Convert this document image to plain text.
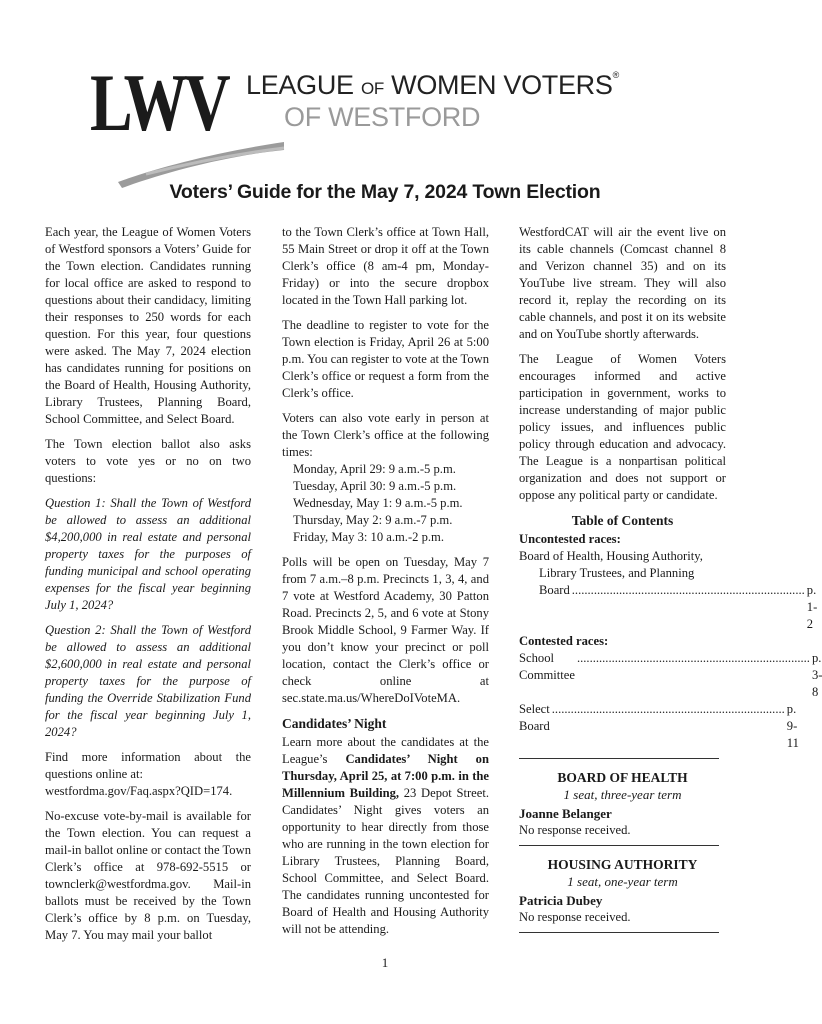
LWV LEAGUE OF WOMEN VOTERS®
OF WESTFORD
Voters’ Guide for the May 7, 2024 Town Election

Each year, the League of Women Voters of Westford sponsors a Voters’ Guide for the Town election. Candidates running for local office are asked to respond to questions about their candidacy, limiting their responses to 250 words for each question. For this year, four questions were asked. The May 7, 2024 election has candidates running for positions on the Board of Health, Housing Authority, Library Trustees, Planning Board, School Committee, and Select Board.

The Town election ballot also asks voters to vote yes or no on two questions:

Question 1: Shall the Town of Westford be allowed to assess an additional $4,200,000 in real estate and personal property taxes for the purposes of funding municipal and school operating expenses for the fiscal year beginning July 1, 2024?

Question 2: Shall the Town of Westford be allowed to assess an additional $2,600,000 in real estate and personal property taxes for the purpose of funding the Override Stabilization Fund for the fiscal year beginning July 1, 2024?

Find more information about the questions online at:

westfordma.gov/Faq.aspx?QID=174.

No-excuse vote-by-mail is available for the Town election. You can request a mail-in ballot online or contact the Town Clerk’s office at 978-692-5515 or townclerk@westfordma.gov. Mail-in ballots must be received by the Town Clerk’s office by 8 p.m. on Tuesday, May 7. You may mail your ballot

to the Town Clerk’s office at Town Hall, 55 Main Street or drop it off at the Town Clerk’s office (8 am-4 pm, Monday-Friday) or into the secure dropbox located in the Town Hall parking lot.

The deadline to register to vote for the Town election is Friday, April 26 at 5:00 p.m. You can register to vote at the Town Clerk’s office or request a form from the Clerk’s office.

Voters can also vote early in person at the Town Clerk’s office at the following times:

Monday, April 29: 9 a.m.-5 p.m.
Tuesday, April 30: 9 a.m.-5 p.m.
Wednesday, May 1: 9 a.m.-5 p.m.
Thursday, May 2: 9 a.m.-7 p.m.
Friday, May 3: 10 a.m.-2 p.m.

Polls will be open on Tuesday, May 7 from 7 a.m.–8 p.m. Precincts 1, 3, 4, and 7 vote at Westford Academy, 30 Patton Road. Precincts 2, 5, and 6 vote at Stony Brook Middle School, 9 Farmer Way. If you don’t know your precinct or poll location, contact the Clerk’s office or check online at sec.state.ma.us/WhereDoIVoteMA.

Candidates’ Night

Learn more about the candidates at the League’s Candidates’ Night on Thursday, April 25, at 7:00 p.m. in the Millennium Building, 23 Depot Street. Candidates’ Night gives voters an opportunity to hear directly from those who are running in the town election for Library Trustees, Planning Board, School Committee, and Select Board. The candidates running uncontested for Board of Health and Housing Authority will not be attending.

WestfordCAT will air the event live on its cable channels (Comcast channel 8 and Verizon channel 35) and on its YouTube live stream. They will also record it, replay the recording on its cable channels, and post it on its website and on YouTube shortly afterwards.

The League of Women Voters encourages informed and active participation in government, works to increase understanding of major public policy issues, and influences public policy through education and advocacy. The League is a nonpartisan political organization and does not support or oppose any political party or candidate.

Table of Contents
Uncontested races:
Board of Health, Housing Authority,
Library Trustees, and Planning
Board .......................................................................... p. 1-2
Contested races:
School Committee
.......................................................................... p. 3-8
Select Board
.......................................................................... p. 9-11
BOARD OF HEALTH
1 seat, three-year term
Joanne Belanger
No response received.
HOUSING AUTHORITY
1 seat, one-year term
Patricia Dubey
No response received.
1
